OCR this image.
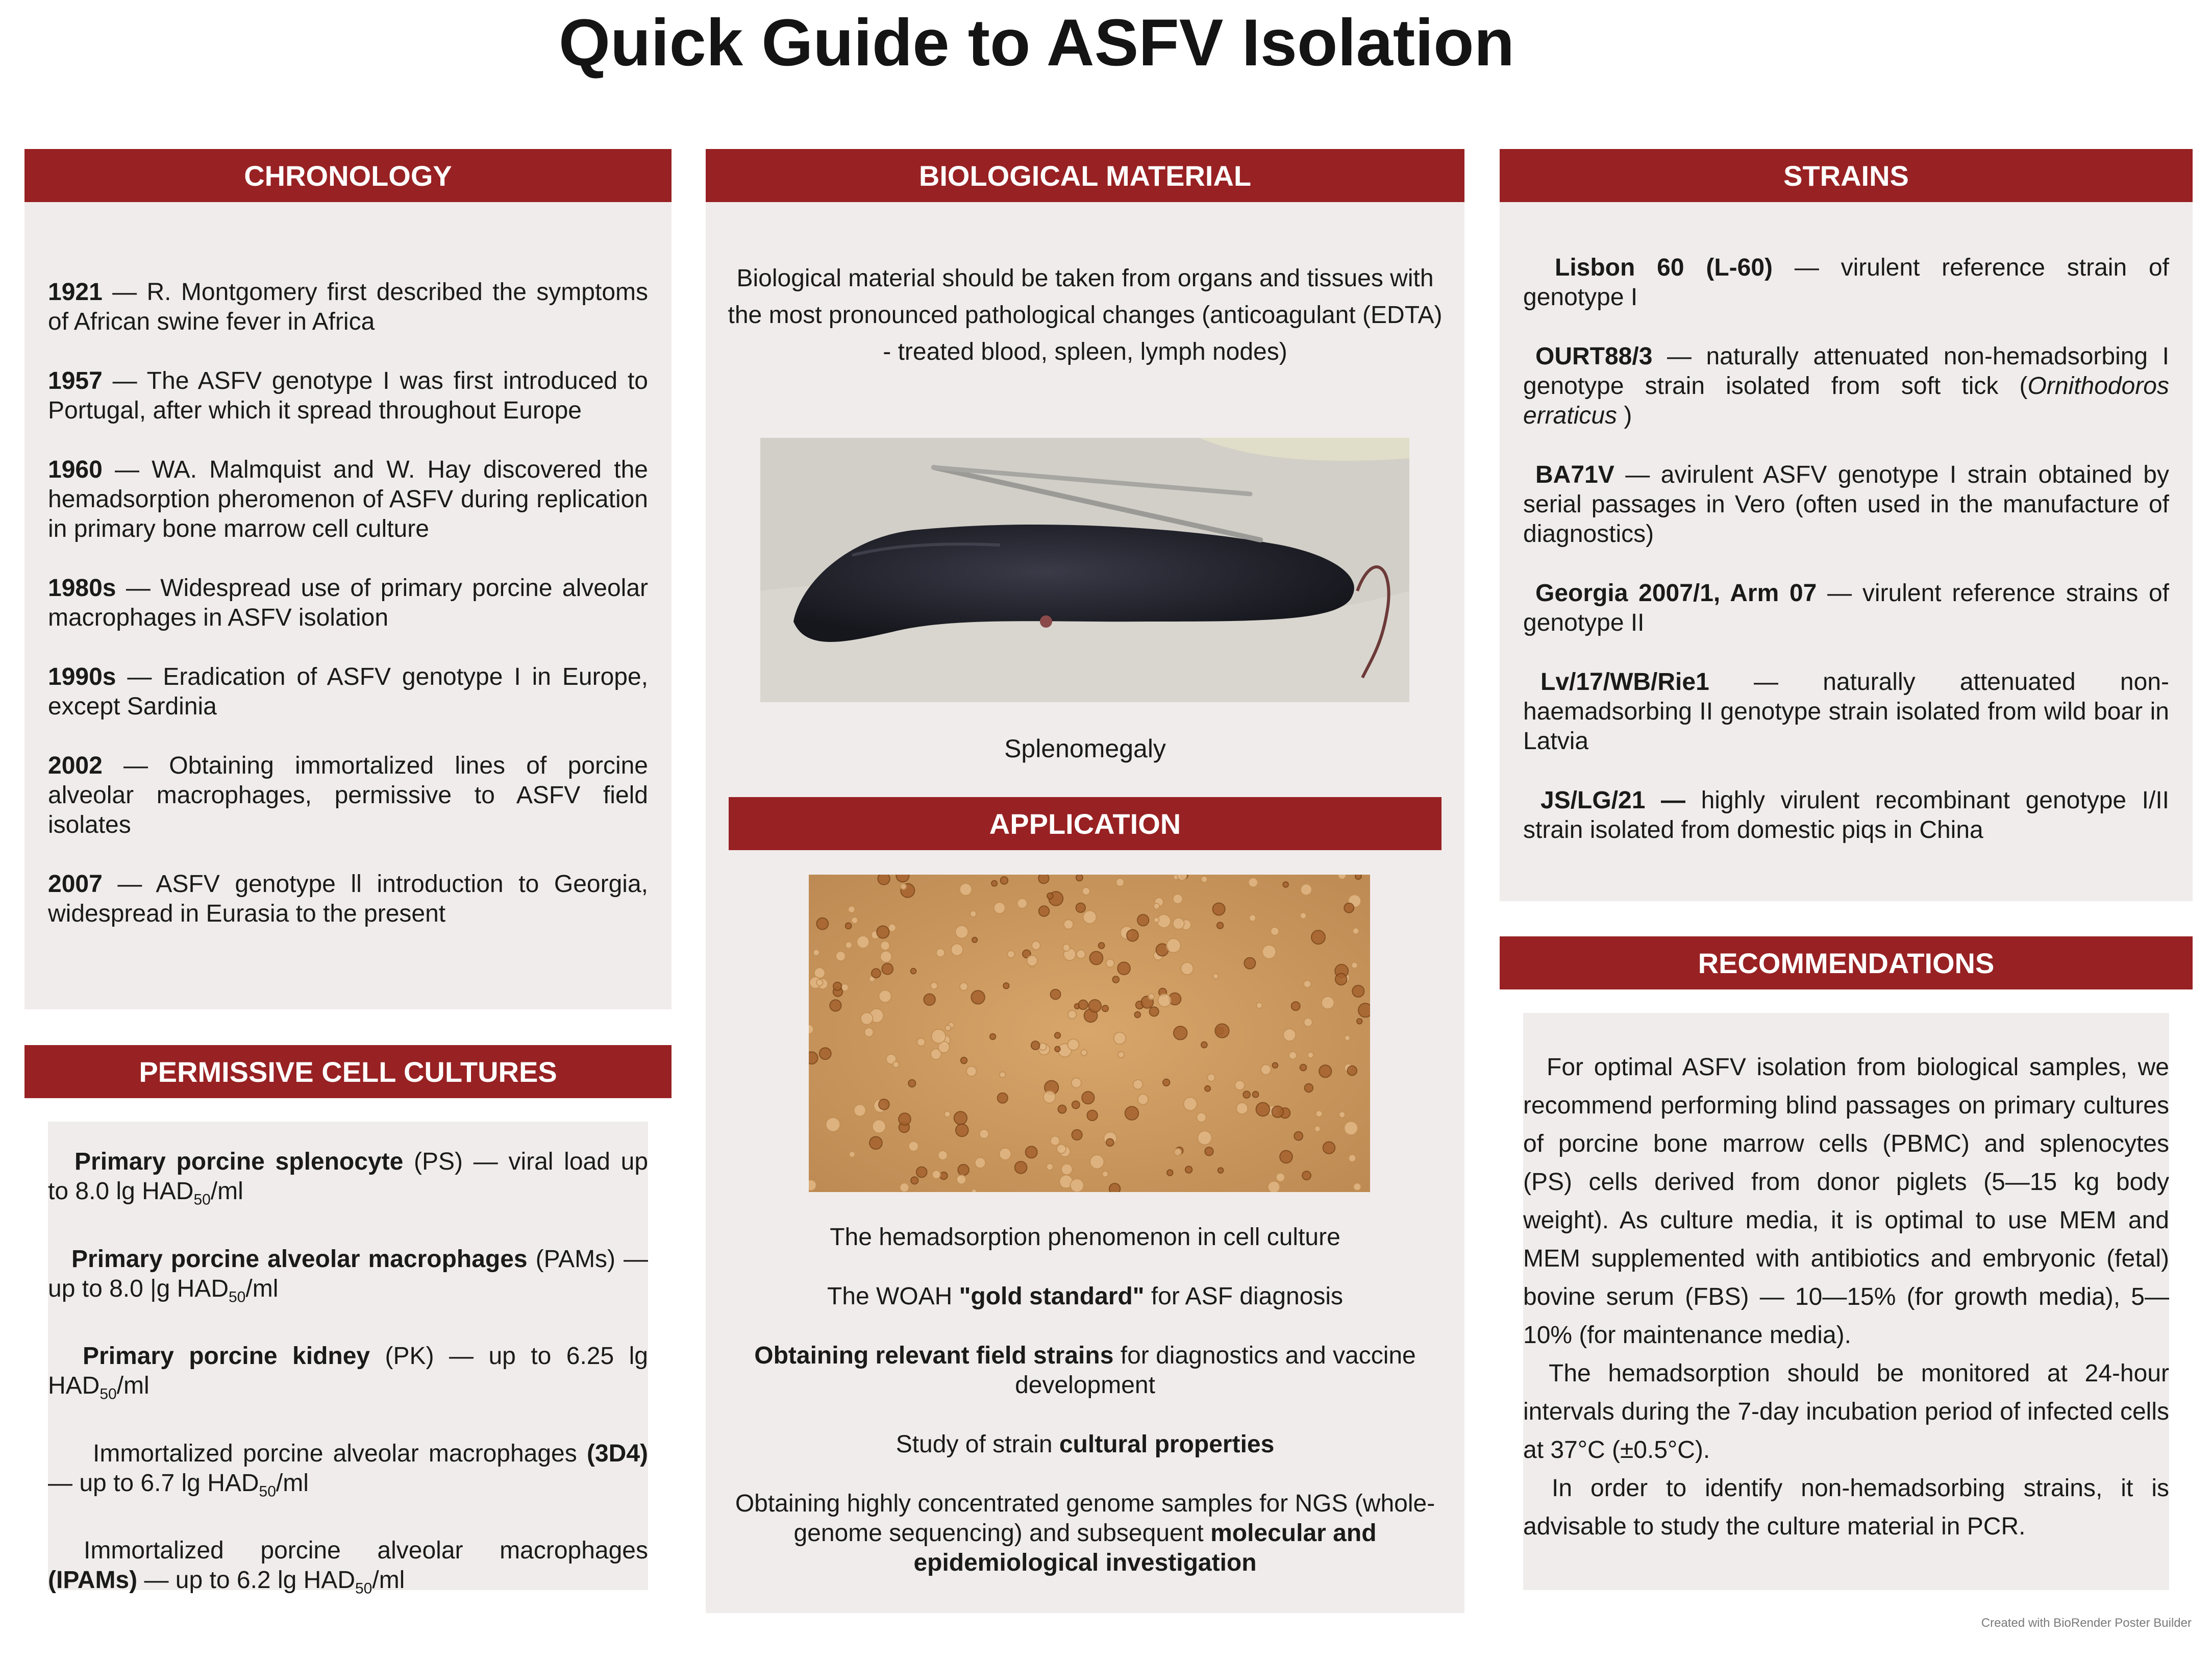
Quick Guide to ASFV Isolation
CHRONOLOGY

1921 — R. Montgomery first described the symptoms of African swine fever in Africa

1957 — The ASFV genotype I was first introduced to Portugal, after which it spread throughout Europe

1960 — WA. Malmquist and W. Hay discovered the hemadsorption pheromenon of ASFV during replication in primary bone marrow cell culture

1980s — Widespread use of primary porcine alveolar macrophages in ASFV isolation

1990s — Eradication of ASFV genotype I in Europe, except Sardinia

2002 — Obtaining immortalized lines of porcine alveolar macrophages, permissive to ASFV field isolates

2007 — ASFV genotype ll introduction to Georgia, widespread in Eurasia to the present

PERMISSIVE CELL CULTURES

Primary porcine splenocyte (PS) — viral load up to 8.0 $\lg HAD_{50}/ml$

Primary porcine alveolar macrophages (PAMs) — up to 8.0 |g $HAD_{50}/ml$

Primary porcine kidney (PK) — up to 6.25 $\lg HAD_{50}/ml$

Immortalized porcine alveolar macrophages (3D4) — up to 6.7 $\lg HAD_{50}/ml$

Immortalized porcine alveolar macrophages (IPAMs) — up to 6.2 $\lg HAD_{50}/ml$

BIOLOGICAL MATERIAL

Biological material should be taken from organs and tissues with the most pronounced pathological changes (anticoagulant (EDTA) - treated blood, spleen, lymph nodes)

Splenomegaly
APPLICATION

The hemadsorption phenomenon in cell culture

The WOAH "gold standard" for ASF diagnosis

Obtaining relevant field strains for diagnostics and vaccine development

Study of strain cultural properties

Obtaining highly concentrated genome samples for NGS (whole-genome sequencing) and subsequent molecular and epidemiological investigation

STRAINS

Lisbon 60 (L-60) — virulent reference strain of genotype I

OURT88/3 — naturally attenuated non-hemadsorbing I genotype strain isolated from soft tick (Ornithodoros erraticus )

BA71V — avirulent ASFV genotype I strain obtained by serial passages in Vero (often used in the manufacture of diagnostics)

Georgia 2007/1, Arm 07 — virulent reference strains of genotype II

Lv/17/WB/Rie1 — naturally attenuated non-haemadsorbing II genotype strain isolated from wild boar in Latvia

JS/LG/21 — highly virulent recombinant genotype I/II strain isolated from domestic piqs in China

RECOMMENDATIONS

For optimal ASFV isolation from biological samples, we recommend performing blind passages on primary cultures of porcine bone marrow cells (PBMC) and splenocytes (PS) cells derived from donor piglets (5—15 kg body weight). As culture media, it is optimal to use MEM and MEM supplemented with antibiotics and embryonic (fetal) bovine serum (FBS) — 10—15% (for growth media), 5—10% (for maintenance media).

The hemadsorption should be monitored at 24-hour intervals during the 7-day incubation period of infected cells at 37°C (±0.5°C).

In order to identify non-hemadsorbing strains, it is advisable to study the culture material in PCR.

Created with BioRender Poster Builder
